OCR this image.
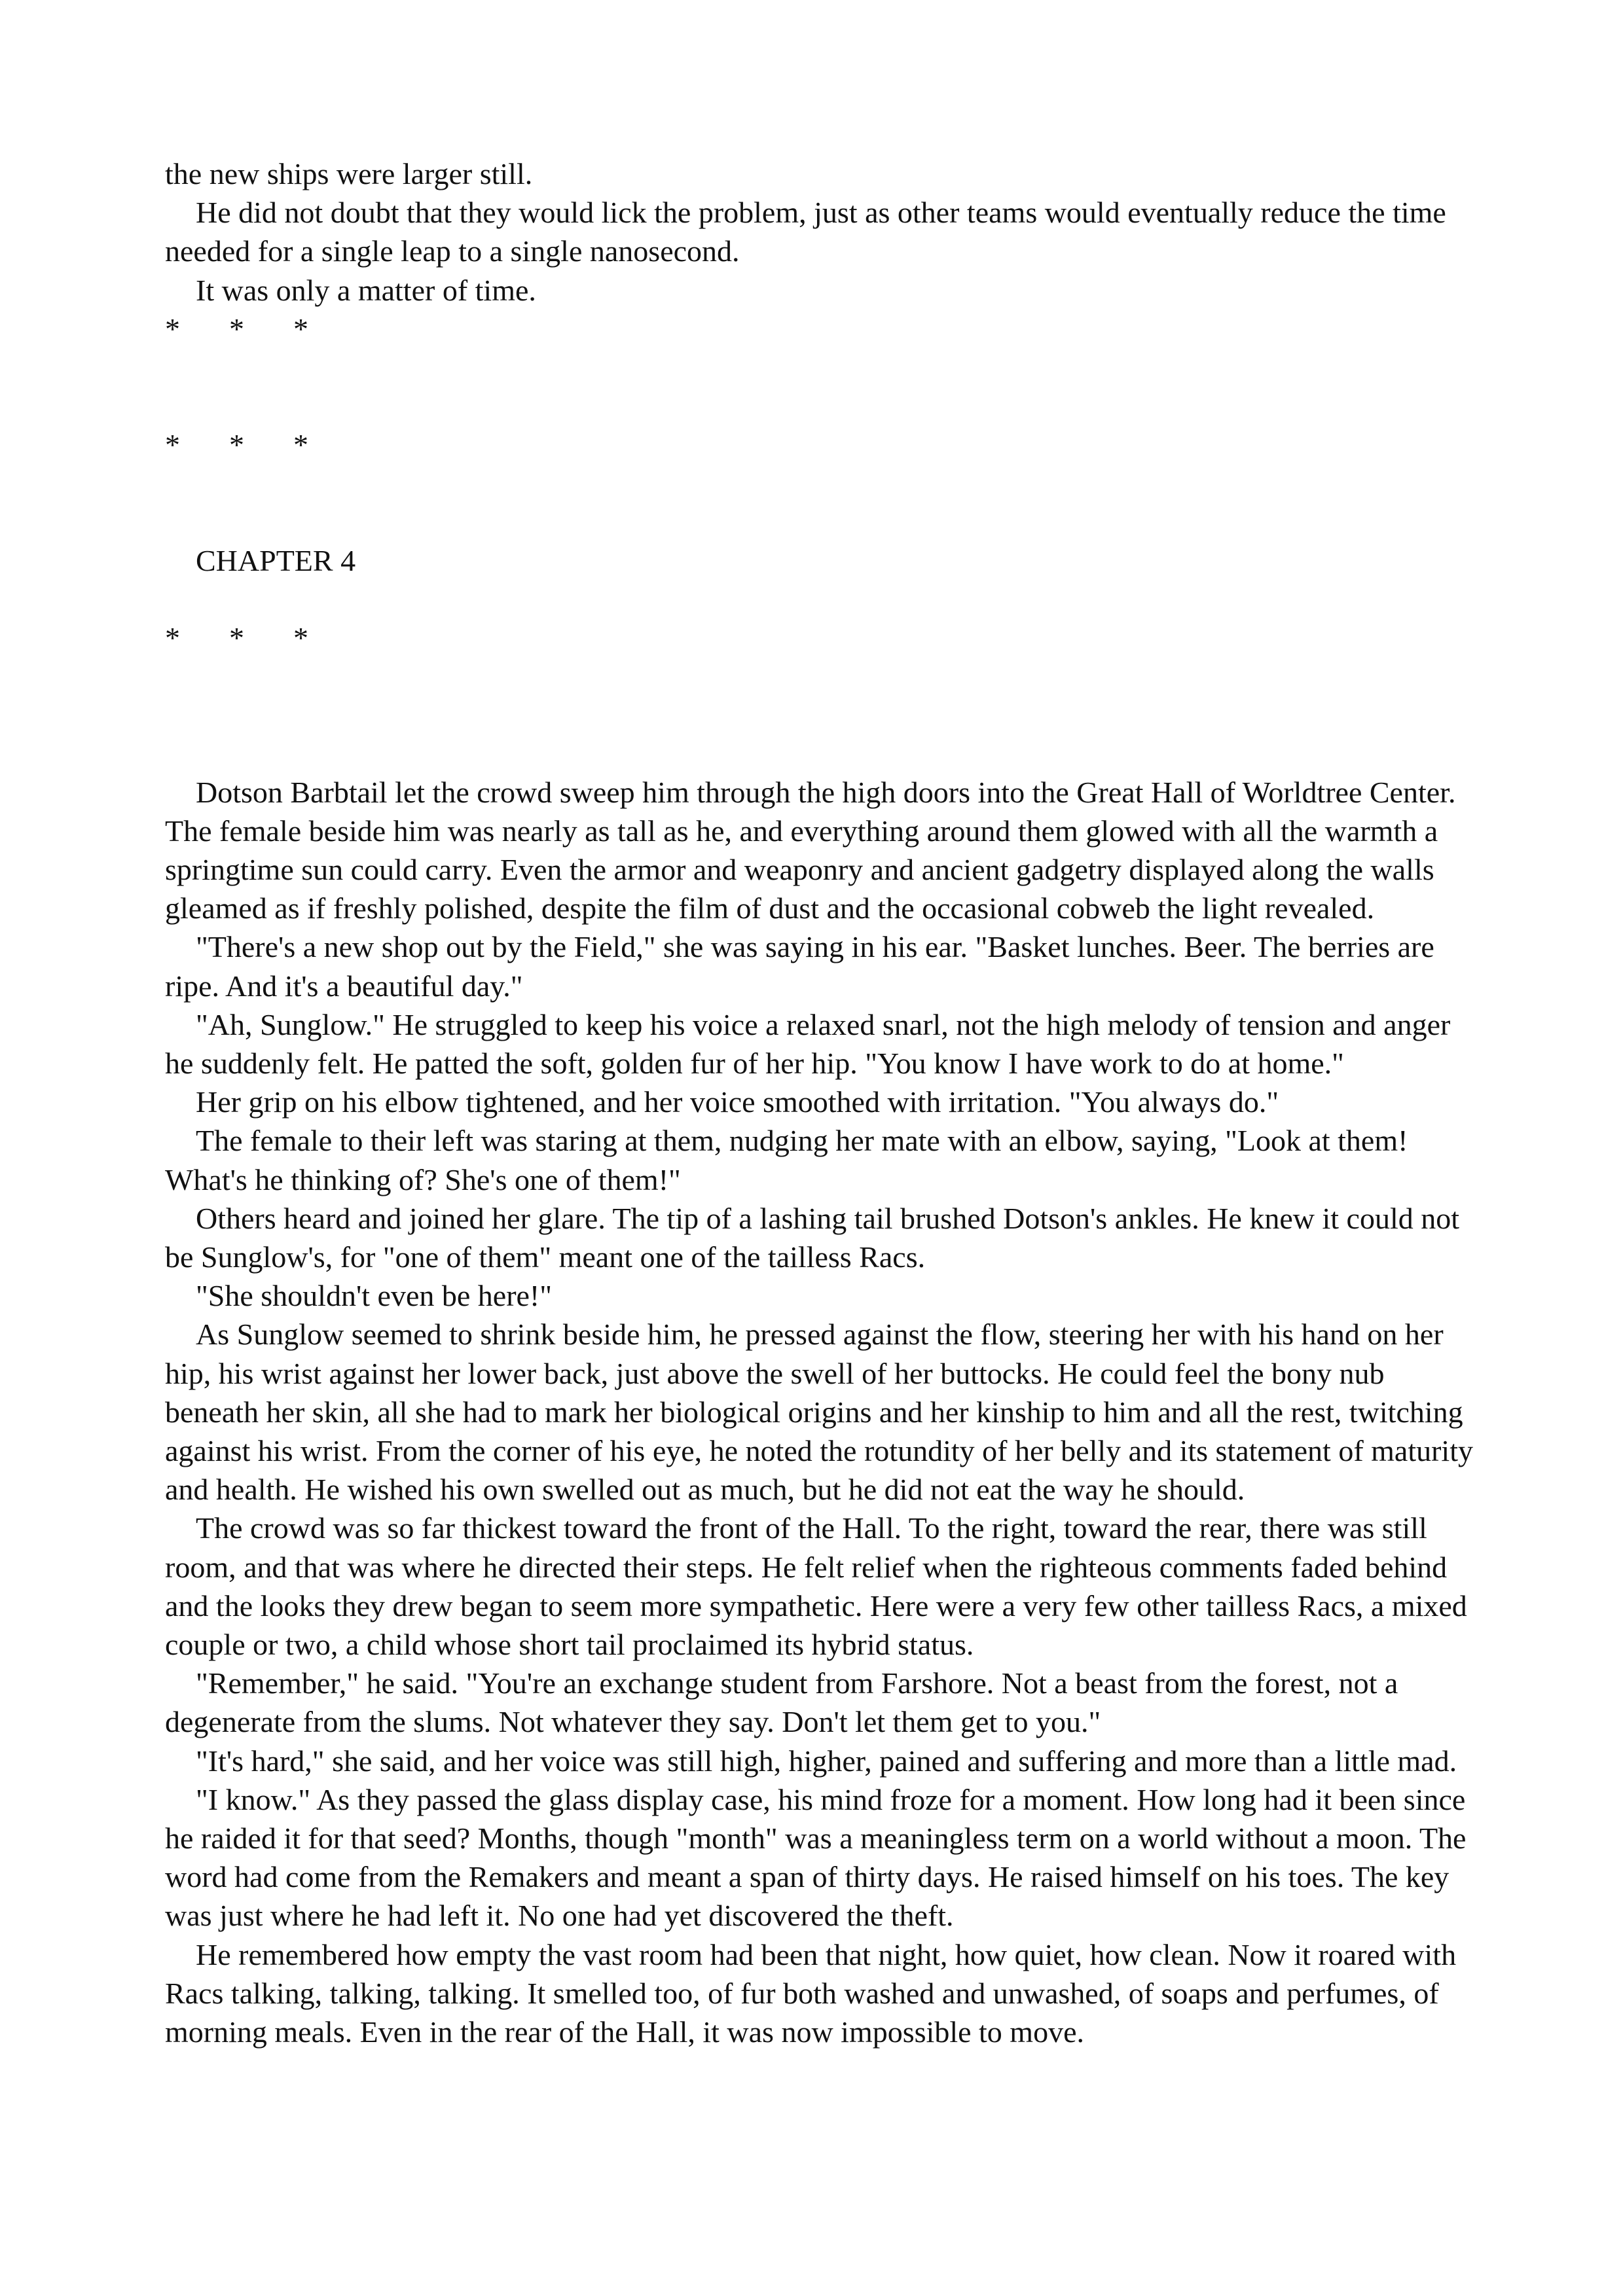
the new ships were larger still.

He did not doubt that they would lick the problem, just as other teams would eventually reduce the time needed for a single leap to a single nanosecond.

It was only a matter of time.

* * *
* * *

CHAPTER 4

* * *

Dotson Barbtail let the crowd sweep him through the high doors into the Great Hall of Worldtree Center. The female beside him was nearly as tall as he, and everything around them glowed with all the warmth a springtime sun could carry. Even the armor and weaponry and ancient gadgetry displayed along the walls gleamed as if freshly polished, despite the film of dust and the occasional cobweb the light revealed.

"There's a new shop out by the Field," she was saying in his ear. "Basket lunches. Beer. The berries are ripe. And it's a beautiful day."

"Ah, Sunglow." He struggled to keep his voice a relaxed snarl, not the high melody of tension and anger he suddenly felt. He patted the soft, golden fur of her hip. "You know I have work to do at home."

Her grip on his elbow tightened, and her voice smoothed with irritation. "You always do."

The female to their left was staring at them, nudging her mate with an elbow, saying, "Look at them! What's he thinking of? She's one of them!"

Others heard and joined her glare. The tip of a lashing tail brushed Dotson's ankles. He knew it could not be Sunglow's, for "one of them" meant one of the tailless Racs.

"She shouldn't even be here!"

As Sunglow seemed to shrink beside him, he pressed against the flow, steering her with his hand on her hip, his wrist against her lower back, just above the swell of her buttocks. He could feel the bony nub beneath her skin, all she had to mark her biological origins and her kinship to him and all the rest, twitching against his wrist. From the corner of his eye, he noted the rotundity of her belly and its statement of maturity and health. He wished his own swelled out as much, but he did not eat the way he should.

The crowd was so far thickest toward the front of the Hall. To the right, toward the rear, there was still room, and that was where he directed their steps. He felt relief when the righteous comments faded behind and the looks they drew began to seem more sympathetic. Here were a very few other tailless Racs, a mixed couple or two, a child whose short tail proclaimed its hybrid status.

"Remember," he said. "You're an exchange student from Farshore. Not a beast from the forest, not a degenerate from the slums. Not whatever they say. Don't let them get to you."

"It's hard," she said, and her voice was still high, higher, pained and suffering and more than a little mad.

"I know." As they passed the glass display case, his mind froze for a moment. How long had it been since he raided it for that seed? Months, though "month" was a meaningless term on a world without a moon. The word had come from the Remakers and meant a span of thirty days. He raised himself on his toes. The key was just where he had left it. No one had yet discovered the theft.

He remembered how empty the vast room had been that night, how quiet, how clean. Now it roared with Racs talking, talking, talking. It smelled too, of fur both washed and unwashed, of soaps and perfumes, of morning meals. Even in the rear of the Hall, it was now impossible to move.
